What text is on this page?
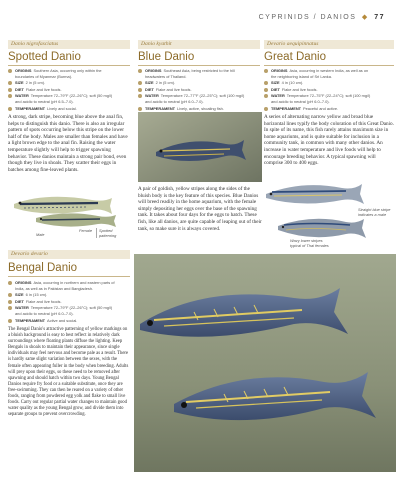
CYPRINIDS / DANIOS ◆ 77
Danio nigrofasciatus
Spotted Danio
ORIGINS Southern Asia, occurring only within the
boundaries of Myanmar (Burma).
SIZE 2 in (5 cm).
DIET Flake and live foods.
WATER Temperature 72–79°F (22–26°C); soft (50 mg/l)
and acidic to neutral (pH 6.5–7.0).
TEMPERAMENT Lively and social.
A strong, dark stripe, becoming blue above the anal fin, helps to distinguish this danio. There is also an irregular pattern of spots occurring below this stripe on the lower half of the body. Males are smaller than females and have a light brown edge to the anal fin. Raising the water temperature slightly will help to trigger spawning behavior. These danios maintain a strong pair bond, even though they live in shoals. They scatter their eggs in batches among fine-leaved plants.
Male
Female	Spotted patterning
Danio kyathit
Blue Danio
ORIGINS Southeast Asia, being restricted to the hill
headwaters of Thailand.
SIZE 2 in (5 cm).
DIET Flake and live foods.
WATER Temperature 72–77°F (22–25°C); soft (100 mg/l)
and acidic to neutral (pH 6.0–7.0).
TEMPERAMENT Lively, active, shoaling fish.
A pair of goldish, yellow stripes along the sides of the bluish body is the key feature of this species. Blue Danios will breed readily in the home aquarium, with the female simply depositing her eggs over the base of the spawning tank. It takes about four days for the eggs to hatch. These fish, like all danios, are quite capable of leaping out of their tank, so make sure it is always covered.
Devario aequipinnatus
Great Danio
ORIGINS Asia, occurring in western India, as well as on
the neighboring island of Sri Lanka.
SIZE 4 in (10 cm).
DIET Flake and live foods.
WATER Temperature 72–75°F (22–24°C); soft (100 mg/l)
and acidic to neutral (pH 6.0–7.0).
TEMPERAMENT Peaceful and active.
A series of alternating narrow yellow and broad blue horizontal lines typify the body coloration of this Great Danio. In spite of its name, this fish rarely attains maximum size in home aquariums, and is quite suitable for inclusion in a community tank, in common with many other danios. An increase in water temperature and live foods will help to encourage breeding behavior. A typical spawning will comprise 300 to 400 eggs.
Straight blue stripe indicates a male
Wavy lower stripes typical of Thai females
Devario devario
Bengal Danio
ORIGINS Asia, occurring in northern and eastern parts of
India, as well as in Pakistan and Bangladesh.
SIZE 6 in (15 cm).
DIET Flake and live foods.
WATER Temperature 72–79°F (22–26°C); soft (50 mg/l)
and acidic to neutral (pH 6.0–7.0).
TEMPERAMENT Active and social.
The Bengal Danio's attractive patterning of yellow markings on a bluish background is easy to best reflect in relatively dark surroundings where floating plants diffuse the lighting. Keep Bengals in shoals to maintain their appearance, since single individuals may feel nervous and become pale as a result. There is hardly same slight variation between the sexes, with the female often appearing fuller in the body when breeding. Adults will prey upon their eggs, so these need to be removed after spawning and should hatch within two days. Young Bengal Danios require fry food or a suitable substitute, once they are free-swimming. They can then be reared on a variety of other foods, ranging from powdered egg yolk and flake to small live foods. Carry out regular partial water changes to maintain good water quality as the young Bengal grow, and divide them into separate groups to prevent overcrowding.
